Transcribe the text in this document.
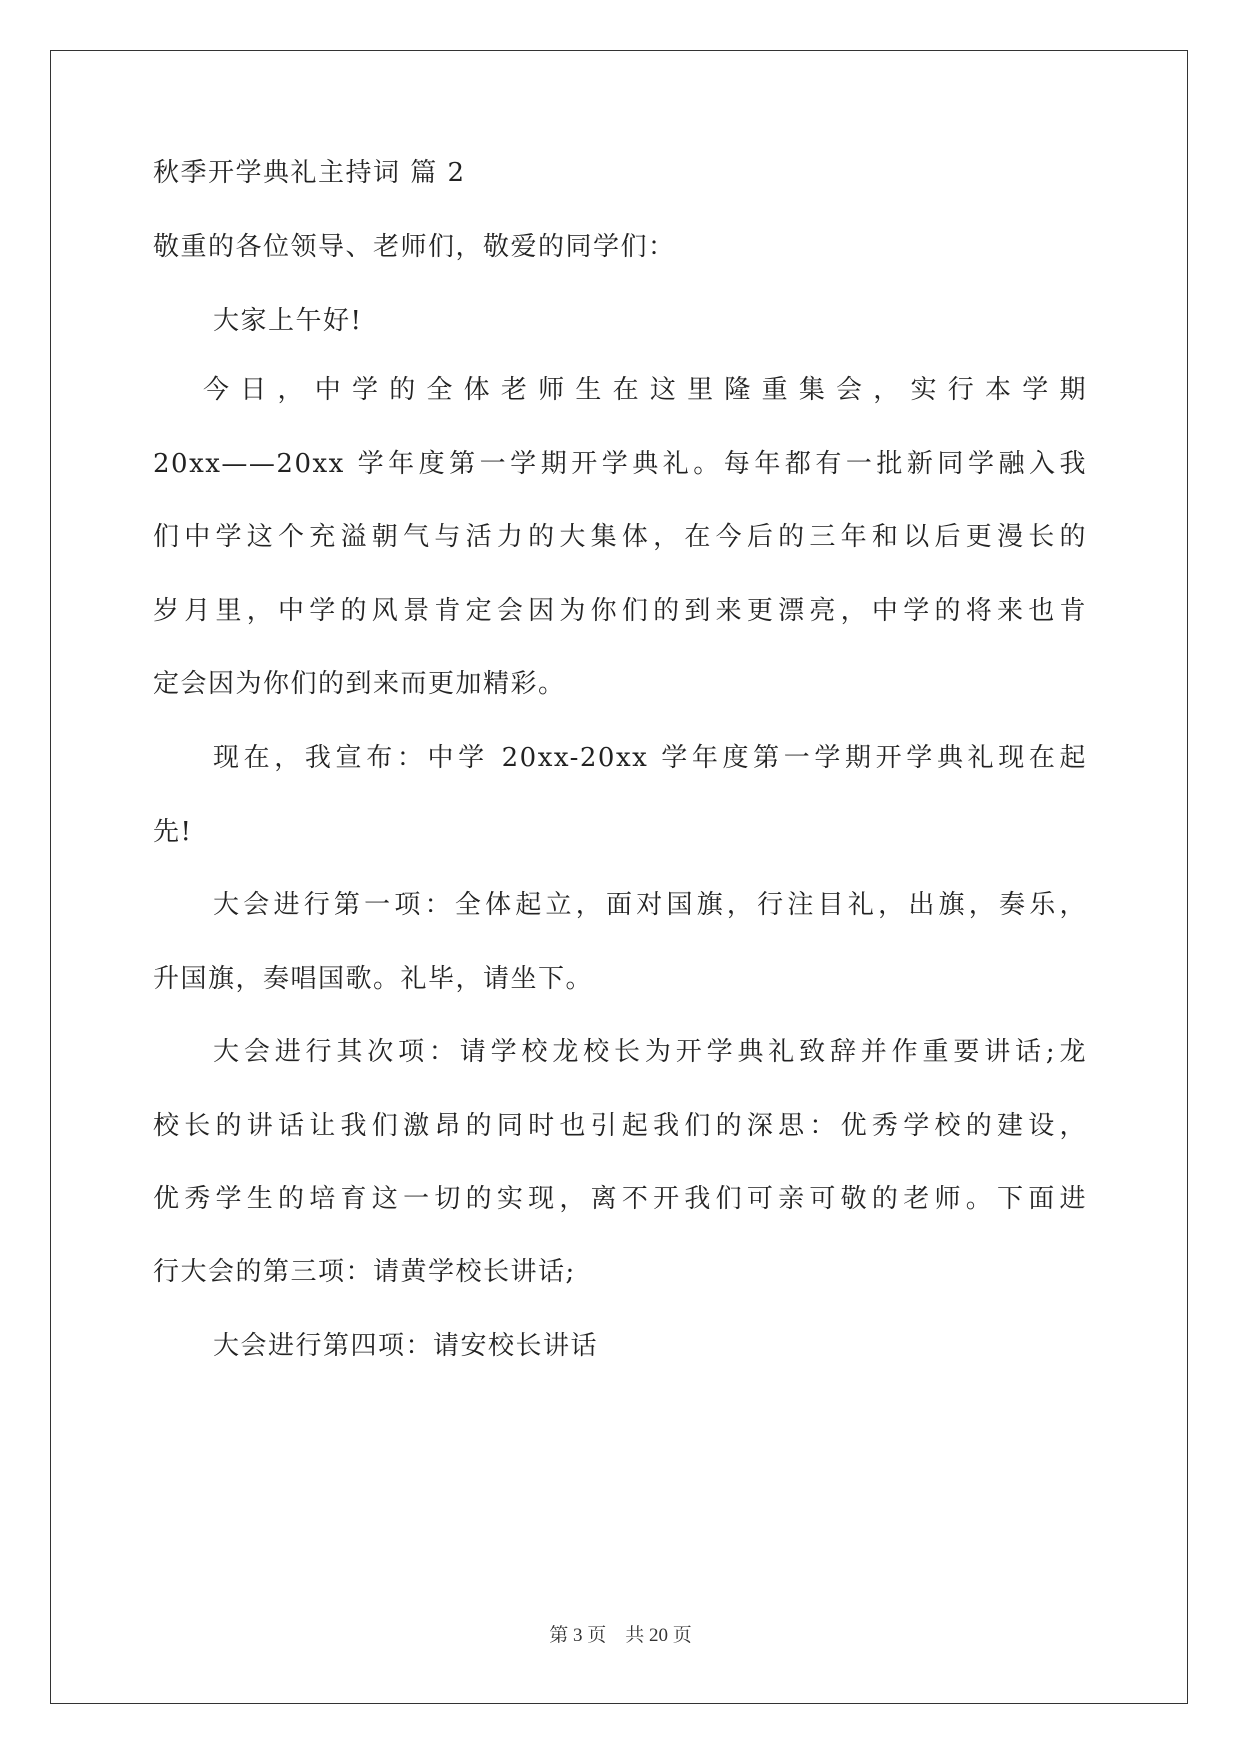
秋季开学典礼主持词 篇 2
敬重的各位领导、老师们，敬爱的同学们：
大家上午好!
今日，中学的全体老师生在这里隆重集会，实行本学期
20xx——20xx 学年度第一学期开学典礼。每年都有一批新同学融入我
们中学这个充溢朝气与活力的大集体，在今后的三年和以后更漫长的
岁月里，中学的风景肯定会因为你们的到来更漂亮，中学的将来也肯
定会因为你们的到来而更加精彩。
现在，我宣布：中学 20xx-20xx 学年度第一学期开学典礼现在起
先!
大会进行第一项：全体起立，面对国旗，行注目礼，出旗，奏乐，
升国旗，奏唱国歌。礼毕，请坐下。
大会进行其次项：请学校龙校长为开学典礼致辞并作重要讲话;龙
校长的讲话让我们激昂的同时也引起我们的深思：优秀学校的建设，
优秀学生的培育这一切的实现，离不开我们可亲可敬的老师。下面进
行大会的第三项：请黄学校长讲话;
大会进行第四项：请安校长讲话
第 3 页 共 20 页
